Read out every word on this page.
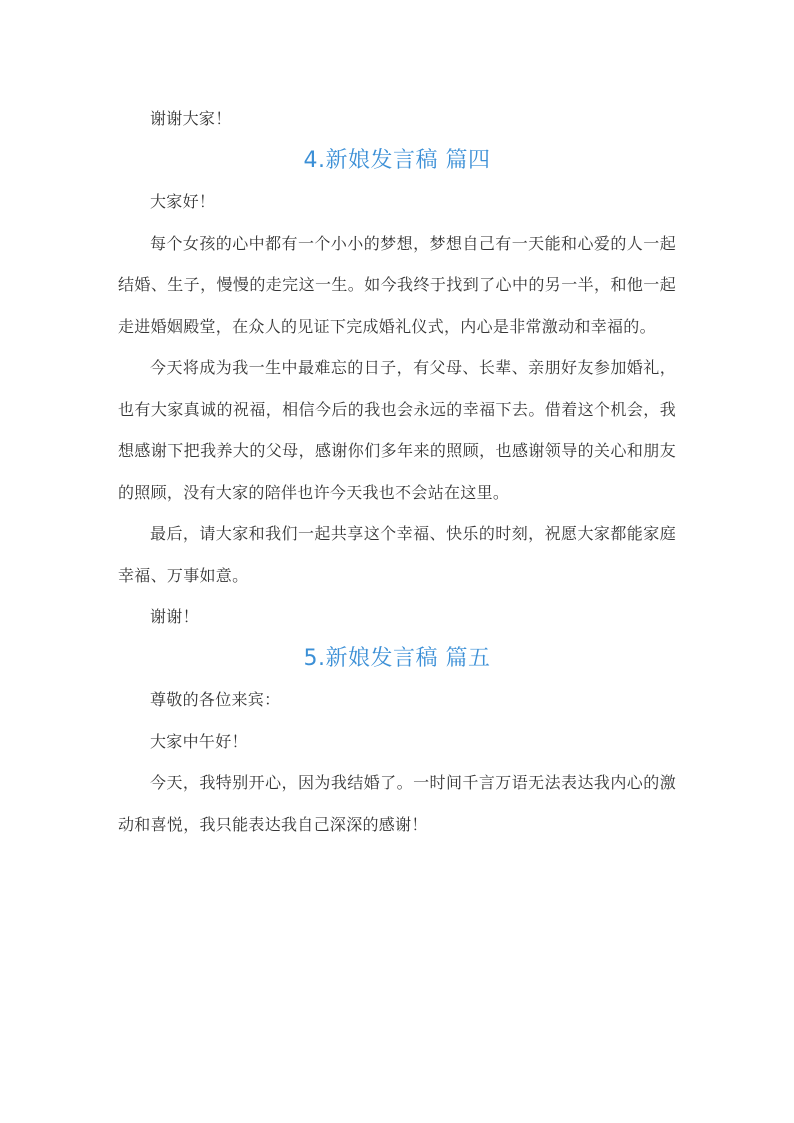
谢谢大家！

4.新娘发言稿 篇四

大家好！

每个女孩的心中都有一个小小的梦想，梦想自己有一天能和心爱的人一起结婚、生子，慢慢的走完这一生。如今我终于找到了心中的另一半，和他一起走进婚姻殿堂，在众人的见证下完成婚礼仪式，内心是非常激动和幸福的。

今天将成为我一生中最难忘的日子，有父母、长辈、亲朋好友参加婚礼，也有大家真诚的祝福，相信今后的我也会永远的幸福下去。借着这个机会，我想感谢下把我养大的父母，感谢你们多年来的照顾，也感谢领导的关心和朋友的照顾，没有大家的陪伴也许今天我也不会站在这里。

最后，请大家和我们一起共享这个幸福、快乐的时刻，祝愿大家都能家庭幸福、万事如意。

谢谢！

5.新娘发言稿 篇五

尊敬的各位来宾：

大家中午好！

今天，我特别开心，因为我结婚了。一时间千言万语无法表达我内心的激动和喜悦，我只能表达我自己深深的感谢！
